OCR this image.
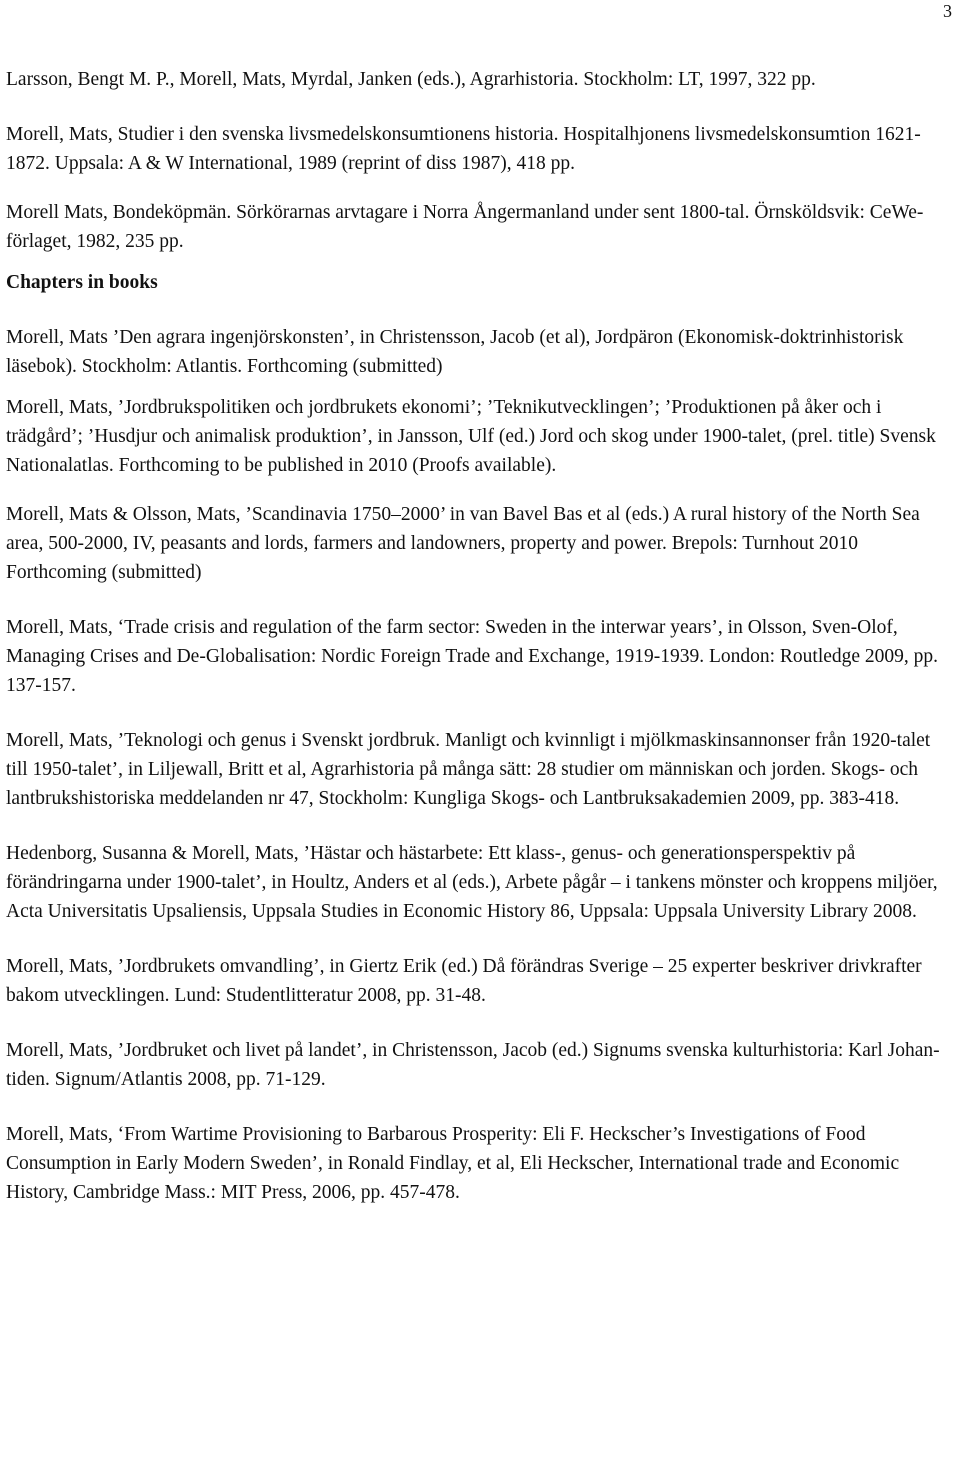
3

Larsson, Bengt M. P., Morell, Mats, Myrdal, Janken (eds.), Agrarhistoria. Stockholm: LT, 1997, 322 pp.

Morell, Mats, Studier i den svenska livsmedelskonsumtionens historia. Hospitalhjonens livsmedelskonsumtion 1621-1872. Uppsala: A & W International, 1989 (reprint of diss 1987), 418 pp.

Morell Mats, Bondeköpmän. Sörkörarnas arvtagare i Norra Ångermanland under sent 1800-tal. Örnsköldsvik: CeWe-förlaget, 1982, 235 pp.

Chapters in books

Morell, Mats ’Den agrara ingenjörskonsten’, in Christensson, Jacob (et al), Jordpäron (Ekonomisk-doktrinhistorisk läsebok). Stockholm: Atlantis. Forthcoming (submitted)

Morell, Mats, ’Jordbrukspolitiken och jordbrukets ekonomi’; ’Teknikutvecklingen’; ’Produktionen på åker och i trädgård’; ’Husdjur och animalisk produktion’, in Jansson, Ulf (ed.) Jord och skog under 1900-talet, (prel. title) Svensk Nationalatlas. Forthcoming to be published in 2010 (Proofs available).

Morell, Mats & Olsson, Mats, ’Scandinavia 1750–2000’ in van Bavel Bas et al (eds.) A rural history of the North Sea area, 500-2000, IV, peasants and lords, farmers and landowners, property and power. Brepols: Turnhout 2010 Forthcoming (submitted)

Morell, Mats, ‘Trade crisis and regulation of the farm sector: Sweden in the interwar years’, in Olsson, Sven-Olof, Managing Crises and De-Globalisation: Nordic Foreign Trade and Exchange, 1919-1939. London: Routledge 2009, pp. 137-157.

Morell, Mats, ’Teknologi och genus i Svenskt jordbruk. Manligt och kvinnligt i mjölkmaskinsannonser från 1920-talet till 1950-talet’, in Liljewall, Britt et al, Agrarhistoria på många sätt: 28 studier om människan och jorden. Skogs- och lantbrukshistoriska meddelanden nr 47, Stockholm: Kungliga Skogs- och Lantbruksakademien 2009, pp. 383-418.

Hedenborg, Susanna & Morell, Mats, ’Hästar och hästarbete: Ett klass-, genus- och generationsperspektiv på förändringarna under 1900-talet’, in Houltz, Anders et al (eds.), Arbete pågår – i tankens mönster och kroppens miljöer, Acta Universitatis Upsaliensis, Uppsala Studies in Economic History 86, Uppsala: Uppsala University Library 2008.

Morell, Mats, ’Jordbrukets omvandling’, in Giertz Erik (ed.) Då förändras Sverige – 25 experter beskriver drivkrafter bakom utvecklingen. Lund: Studentlitteratur 2008, pp. 31-48.

Morell, Mats, ’Jordbruket och livet på landet’, in Christensson, Jacob (ed.) Signums svenska kulturhistoria: Karl Johan-tiden. Signum/Atlantis 2008, pp. 71-129.

Morell, Mats, ‘From Wartime Provisioning to Barbarous Prosperity: Eli F. Heckscher’s Investigations of Food Consumption in Early Modern Sweden’, in Ronald Findlay, et al, Eli Heckscher, International trade and Economic History, Cambridge Mass.: MIT Press, 2006, pp. 457-478.
